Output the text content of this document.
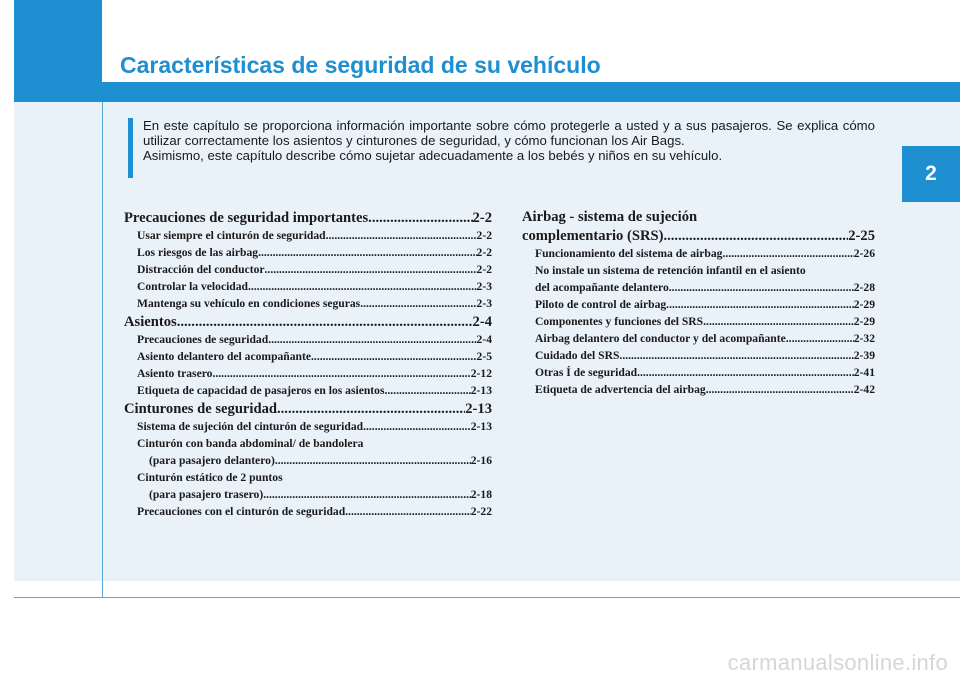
Características de seguridad de su vehículo

En este capítulo se proporciona información importante sobre cómo protegerle a usted y a sus pasajeros. Se explica cómo utilizar correctamente los asientos y cinturones de seguridad, y cómo funcionan los Air Bags.

Asimismo, este capítulo describe cómo sujetar adecuadamente a los bebés y niños en su vehículo.

2
Precauciones de seguridad importantes .....	2-2
Usar siempre el cinturón de seguridad .....	2-2
Los riesgos de las airbag .....	2-2
Distracción del conductor .....	2-2
Controlar la velocidad .....	2-3
Mantenga su vehículo en condiciones seguras .....	2-3
Asientos .....	2-4
Precauciones de seguridad .....	2-4
Asiento delantero del acompañante .....	2-5
Asiento trasero .....	2-12
Etiqueta de capacidad de pasajeros en los asientos .....	2-13
Cinturones de seguridad .....	2-13
Sistema de sujeción del cinturón de seguridad .....	2-13
Cinturón con banda abdominal/ de bandolera
(para pasajero delantero) .....	2-16
Cinturón estático de 2 puntos
(para pasajero trasero) .....	2-18
Precauciones con el cinturón de seguridad .....	2-22
Airbag - sistema de sujeción
complementario (SRS) .....	2-25
Funcionamiento del sistema de airbag .....	2-26
No instale un sistema de retención infantil en el asiento
del acompañante delantero .....	2-28
Piloto de control de airbag .....	2-29
Componentes y funciones del SRS .....	2-29
Airbag delantero del conductor y del acompañante .....	2-32
Cuidado del SRS .....	2-39
Otras Í de seguridad .....	2-41
Etiqueta de advertencia del airbag .....	2-42
carmanualsonline.info
